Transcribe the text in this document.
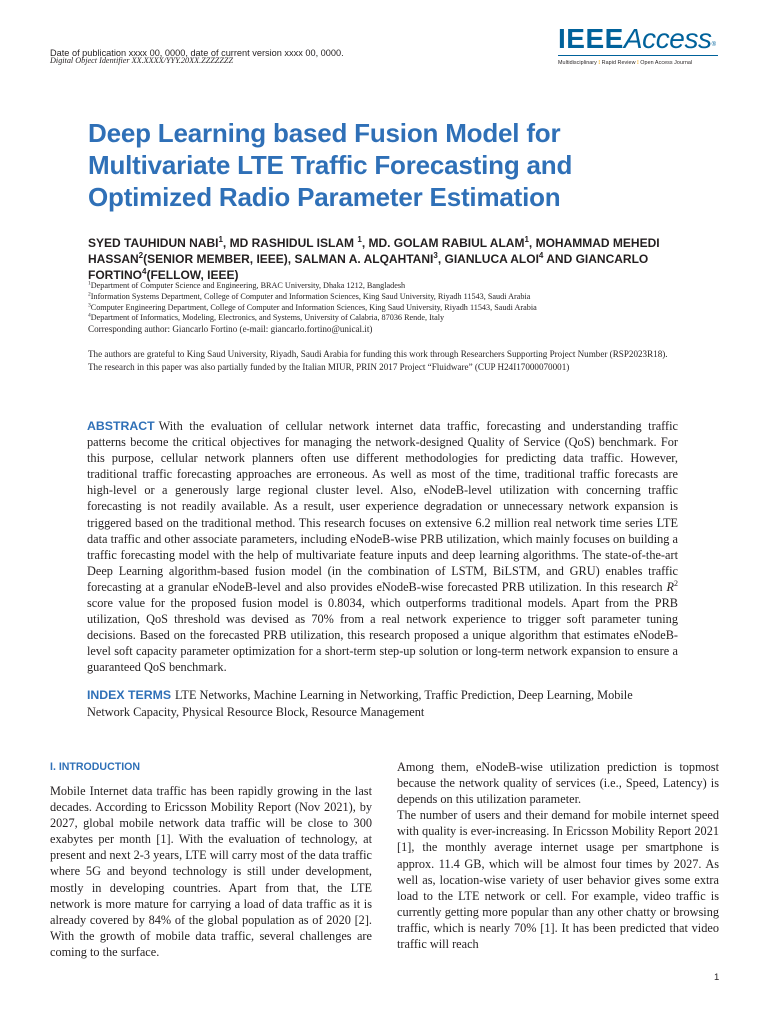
Date of publication xxxx 00, 0000, date of current version xxxx 00, 0000.
Digital Object Identifier XX.XXXX/YYY.20XX.ZZZZZZZ
IEEEAccess®
Multidisciplinary ⁝ Rapid Review ⁝ Open Access Journal
Deep Learning based Fusion Model for Multivariate LTE Traffic Forecasting and Optimized Radio Parameter Estimation
SYED TAUHIDUN NABI$^1$, MD RASHIDUL ISLAM $^1$, MD. GOLAM RABIUL ALAM$^1$, MOHAMMAD MEHEDI HASSAN$^2$(SENIOR MEMBER, IEEE), SALMAN A. ALQAHTANI$^3$, GIANLUCA ALOI$^4$ AND GIANCARLO FORTINO$^4$(FELLOW, IEEE)
$^1$Department of Computer Science and Engineering, BRAC University, Dhaka 1212, Bangladesh
$^2$Information Systems Department, College of Computer and Information Sciences, King Saud University, Riyadh 11543, Saudi Arabia
$^3$Computer Engineering Department, College of Computer and Information Sciences, King Saud University, Riyadh 11543, Saudi Arabia
$^4$Department of Informatics, Modeling, Electronics, and Systems, University of Calabria, 87036 Rende, Italy
Corresponding author: Giancarlo Fortino (e-mail: giancarlo.fortino@unical.it)
The authors are grateful to King Saud University, Riyadh, Saudi Arabia for funding this work through Researchers Supporting Project Number (RSP2023R18). The research in this paper was also partially funded by the Italian MIUR, PRIN 2017 Project “Fluidware” (CUP H24I17000070001)
ABSTRACT With the evaluation of cellular network internet data traffic, forecasting and understanding traffic patterns become the critical objectives for managing the network-designed Quality of Service (QoS) benchmark. For this purpose, cellular network planners often use different methodologies for predicting data traffic. However, traditional traffic forecasting approaches are erroneous. As well as most of the time, traditional traffic forecasts are high-level or a generously large regional cluster level. Also, eNodeB-level utilization with concerning traffic forecasting is not readily available. As a result, user experience degradation or unnecessary network expansion is triggered based on the traditional method. This research focuses on extensive 6.2 million real network time series LTE data traffic and other associate parameters, including eNodeB-wise PRB utilization, which mainly focuses on building a traffic forecasting model with the help of multivariate feature inputs and deep learning algorithms. The state-of-the-art Deep Learning algorithm-based fusion model (in the combination of LSTM, BiLSTM, and GRU) enables traffic forecasting at a granular eNodeB-level and also provides eNodeB-wise forecasted PRB utilization. In this research $R^2$ score value for the proposed fusion model is 0.8034, which outperforms traditional models. Apart from the PRB utilization, QoS threshold was devised as 70% from a real network experience to trigger soft parameter tuning decisions. Based on the forecasted PRB utilization, this research proposed a unique algorithm that estimates eNodeB-level soft capacity parameter optimization for a short-term step-up solution or long-term network expansion to ensure a guaranteed QoS benchmark.
INDEX TERMS LTE Networks, Machine Learning in Networking, Traffic Prediction, Deep Learning, Mobile Network Capacity, Physical Resource Block, Resource Management
I. INTRODUCTION

Mobile Internet data traffic has been rapidly growing in the last decades. According to Ericsson Mobility Report (Nov 2021), by 2027, global mobile network data traffic will be close to 300 exabytes per month [1]. With the evaluation of technology, at present and next 2-3 years, LTE will carry most of the data traffic where 5G and beyond technology is still under development, mostly in developing countries. Apart from that, the LTE network is more mature for carrying a load of data traffic as it is already covered by 84% of the global population as of 2020 [2]. With the growth of mobile data traffic, several challenges are coming to the surface.

Among them, eNodeB-wise utilization prediction is topmost because the network quality of services (i.e., Speed, Latency) is depends on this utilization parameter.

The number of users and their demand for mobile internet speed with quality is ever-increasing. In Ericsson Mobility Report 2021 [1], the monthly average internet usage per smartphone is approx. 11.4 GB, which will be almost four times by 2027. As well as, location-wise variety of user behavior gives some extra load to the LTE network or cell. For example, video traffic is currently getting more popular than any other chatty or browsing traffic, which is nearly 70% [1]. It has been predicted that video traffic will reach

1
